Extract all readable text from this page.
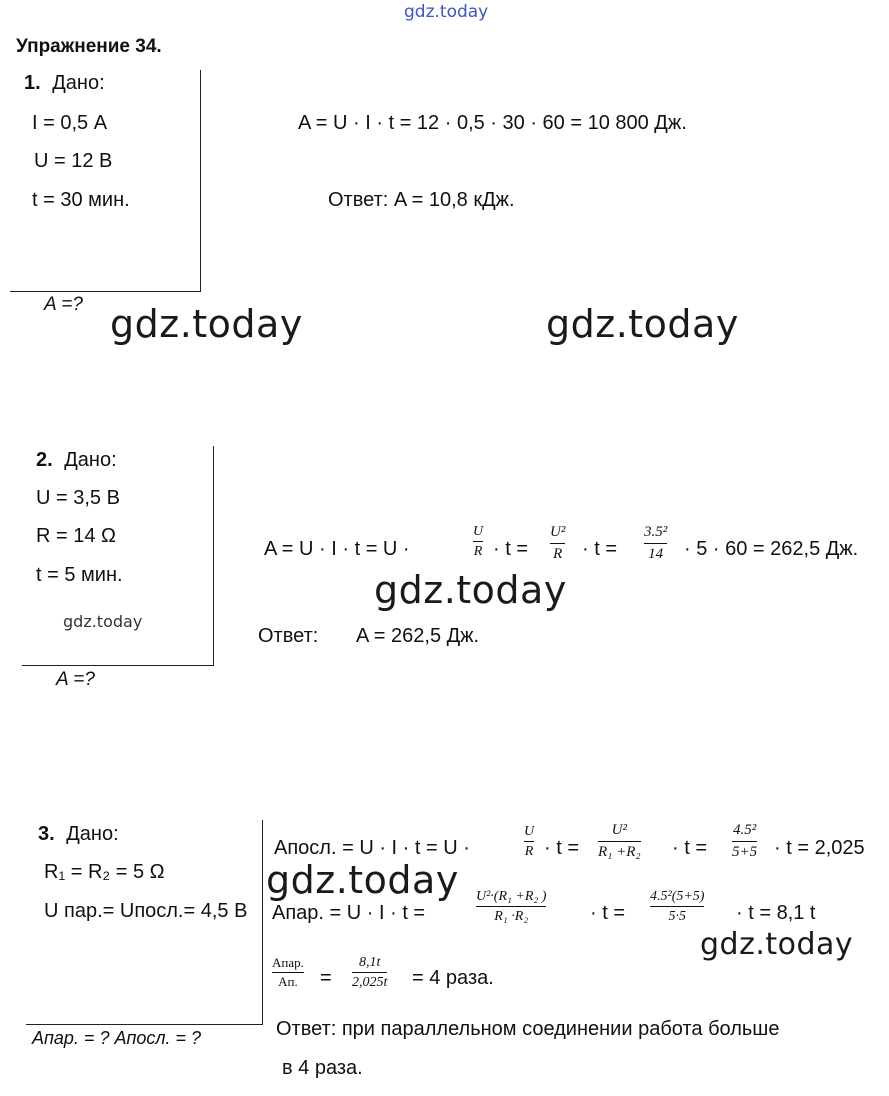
gdz.today
gdz.today	gdz.today
gdz.today
gdz.today
gdz.today
gdz.today
Упражнение 34.
1. Дано:
I = 0,5 А
U = 12 В
t = 30 мин.
A =?
A = U · I · t = 12 · 0,5 · 30 · 60 = 10 800 Дж.
Ответ: A = 10,8 кДж.
2. Дано:
U = 3,5 В
R = 14 Ω
t = 5 мин.
A =?
A = U · I · t = U ·
U
R · t =
U²
R · t =
3.5²
14 · 5 · 60 = 262,5 Дж.
Ответ: A = 262,5 Дж.
3. Дано:
R₁ = R₂ = 5 Ω
U пар.= Uпосл.= 4,5 В
Aпар. = ? Aпосл. = ?
Aпосл. = U · I · t = U ·
U
R · t =
U²
R₁ +R₂ · t =
4.5²
5+5 · t = 2,025
Aпар. = U · I · t =
U²·(R₁ +R₂ )
R₁ ·R₂	· t =
4.5²(5+5)
5·5	· t = 8,1 t
Aпар.
Aп. =
8,1t
2,025t = 4 раза.
Ответ: при параллельном соединении работа больше
в 4 раза.
